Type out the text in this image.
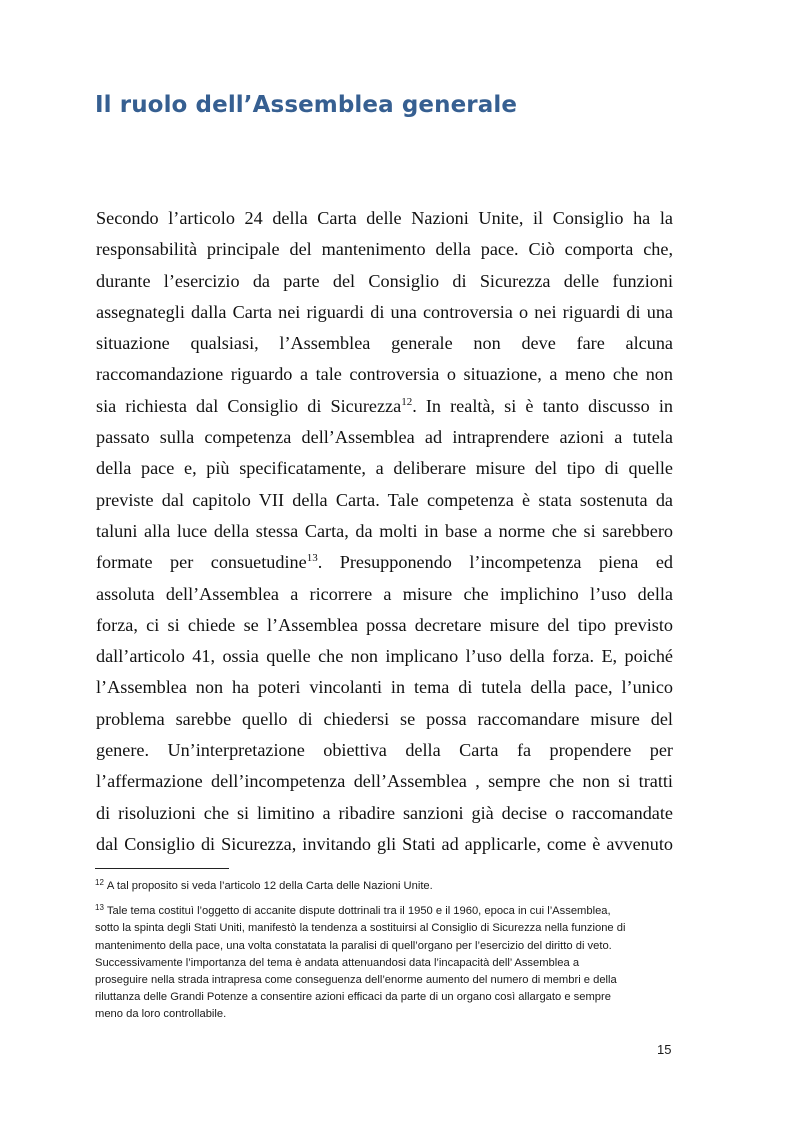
Il ruolo dell’Assemblea generale
Secondo l’articolo 24 della Carta delle Nazioni Unite, il Consiglio ha la
responsabilità principale del mantenimento della pace. Ciò comporta che,
durante l’esercizio da parte del Consiglio di Sicurezza delle funzioni
assegnategli dalla Carta nei riguardi di una controversia o nei riguardi di una
situazione qualsiasi, l’Assemblea generale non deve fare alcuna
raccomandazione riguardo a tale controversia o situazione, a meno che non
sia richiesta dal Consiglio di Sicurezza$^{12}$. In realtà, si è tanto discusso in
passato sulla competenza dell’Assemblea ad intraprendere azioni a tutela
della pace e, più specificatamente, a deliberare misure del tipo di quelle
previste dal capitolo VII della Carta. Tale competenza è stata sostenuta da
taluni alla luce della stessa Carta, da molti in base a norme che si sarebbero
formate per consuetudine$^{13}$. Presupponendo l’incompetenza piena ed
assoluta dell’Assemblea a ricorrere a misure che implichino l’uso della
forza, ci si chiede se l’Assemblea possa decretare misure del tipo previsto
dall’articolo 41, ossia quelle che non implicano l’uso della forza. E, poiché
l’Assemblea non ha poteri vincolanti in tema di tutela della pace, l’unico
problema sarebbe quello di chiedersi se possa raccomandare misure del
genere. Un’interpretazione obiettiva della Carta fa propendere per
l’affermazione dell’incompetenza dell’Assemblea , sempre che non si tratti
di risoluzioni che si limitino a ribadire sanzioni già decise o raccomandate
dal Consiglio di Sicurezza, invitando gli Stati ad applicarle, come è avvenuto

$^{12}$ A tal proposito si veda l’articolo 12 della Carta delle Nazioni Unite.

$^{13}$ Tale tema costituì l’oggetto di accanite dispute dottrinali tra il 1950 e il 1960, epoca in cui l’Assemblea,
sotto la spinta degli Stati Uniti, manifestò la tendenza a sostituirsi al Consiglio di Sicurezza nella funzione di
mantenimento della pace, una volta constatata la paralisi di quell’organo per l’esercizio del diritto di veto.
Successivamente l’importanza del tema è andata attenuandosi data l’incapacità dell’ Assemblea a
proseguire nella strada intrapresa come conseguenza dell’enorme aumento del numero di membri e della
riluttanza delle Grandi Potenze a consentire azioni efficaci da parte di un organo così allargato e sempre
meno da loro controllabile.

15
